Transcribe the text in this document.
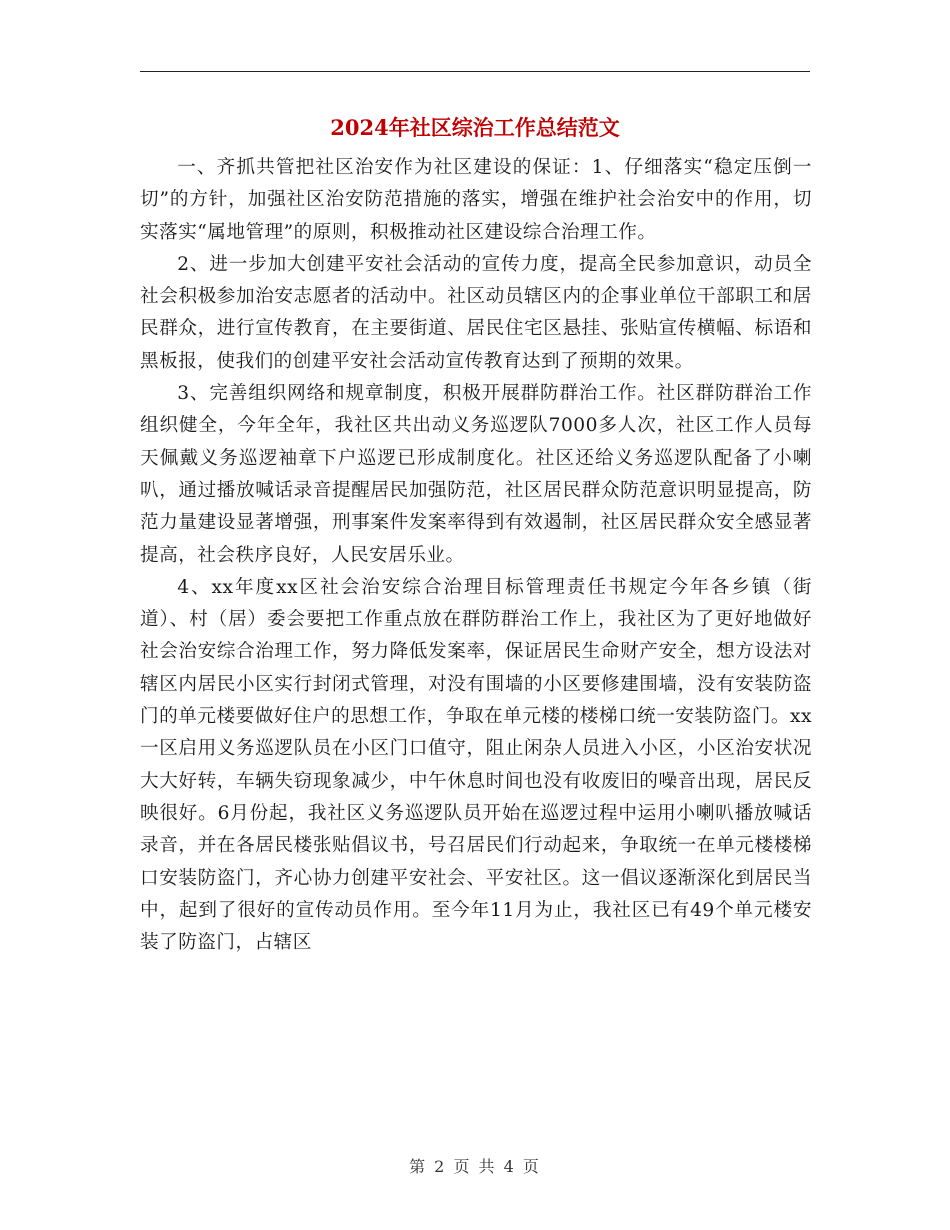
2024年社区综治工作总结范文

一、齐抓共管把社区治安作为社区建设的保证：1、仔细落实“稳定压倒一切”的方针，加强社区治安防范措施的落实，增强在维护社会治安中的作用，切实落实“属地管理”的原则，积极推动社区建设综合治理工作。

2、进一步加大创建平安社会活动的宣传力度，提高全民参加意识，动员全社会积极参加治安志愿者的活动中。社区动员辖区内的企事业单位干部职工和居民群众，进行宣传教育，在主要街道、居民住宅区悬挂、张贴宣传横幅、标语和黑板报，使我们的创建平安社会活动宣传教育达到了预期的效果。

3、完善组织网络和规章制度，积极开展群防群治工作。社区群防群治工作组织健全，今年全年，我社区共出动义务巡逻队7000多人次，社区工作人员每天佩戴义务巡逻袖章下户巡逻已形成制度化。社区还给义务巡逻队配备了小喇叭，通过播放喊话录音提醒居民加强防范，社区居民群众防范意识明显提高，防范力量建设显著增强，刑事案件发案率得到有效遏制，社区居民群众安全感显著提高，社会秩序良好，人民安居乐业。

4、xx年度xx区社会治安综合治理目标管理责任书规定今年各乡镇（街道）、村（居）委会要把工作重点放在群防群治工作上，我社区为了更好地做好社会治安综合治理工作，努力降低发案率，保证居民生命财产安全，想方设法对辖区内居民小区实行封闭式管理，对没有围墙的小区要修建围墙，没有安装防盗门的单元楼要做好住户的思想工作，争取在单元楼的楼梯口统一安装防盗门。xx一区启用义务巡逻队员在小区门口值守，阻止闲杂人员进入小区，小区治安状况大大好转，车辆失窃现象减少，中午休息时间也没有收废旧的噪音出现，居民反映很好。6月份起，我社区义务巡逻队员开始在巡逻过程中运用小喇叭播放喊话录音，并在各居民楼张贴倡议书，号召居民们行动起来，争取统一在单元楼楼梯口安装防盗门，齐心协力创建平安社会、平安社区。这一倡议逐渐深化到居民当中，起到了很好的宣传动员作用。至今年11月为止，我社区已有49个单元楼安装了防盗门，占辖区

第 2 页 共 4 页
